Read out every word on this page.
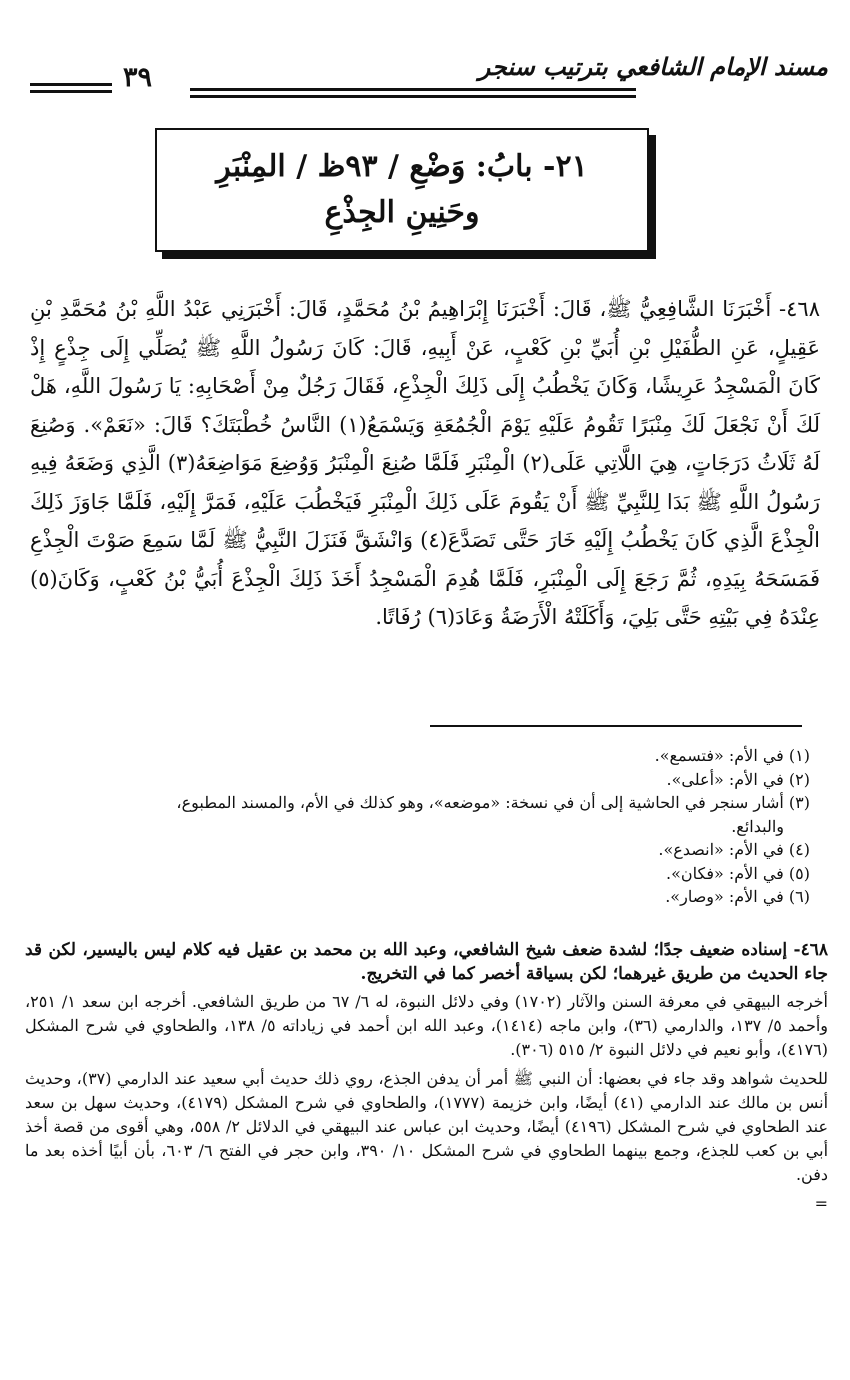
مسند الإمام الشافعي بترتيب سنجر
٣٩
٢١- بابُ: وَضْعِ / ٩٣ظ / المِنْبَرِ وحَنِينِ الجِذْعِ
٤٦٨- أَخْبَرَنَا الشَّافِعِيُّ ﷺ، قَالَ: أَخْبَرَنَا إِبْرَاهِيمُ بْنُ مُحَمَّدٍ، قَالَ: أَخْبَرَنِي عَبْدُ اللَّهِ بْنُ مُحَمَّدِ بْنِ عَقِيلٍ، عَنِ الطُّفَيْلِ بْنِ أُبَيِّ بْنِ كَعْبٍ، عَنْ أَبِيهِ، قَالَ: كَانَ رَسُولُ اللَّهِ ﷺ يُصَلِّي إِلَى جِذْعٍ إِذْ كَانَ الْمَسْجِدُ عَرِيشًا، وَكَانَ يَخْطُبُ إِلَى ذَلِكَ الْجِذْعِ، فَقَالَ رَجُلٌ مِنْ أَصْحَابِهِ: يَا رَسُولَ اللَّهِ، هَلْ لَكَ أَنْ نَجْعَلَ لَكَ مِنْبَرًا تَقُومُ عَلَيْهِ يَوْمَ الْجُمُعَةِ وَيَسْمَعُ(١) النَّاسُ خُطْبَتَكَ؟ قَالَ: «نَعَمْ». وَصُنِعَ لَهُ ثَلَاثُ دَرَجَاتٍ، هِيَ اللَّاتِي عَلَى(٢) الْمِنْبَرِ فَلَمَّا صُنِعَ الْمِنْبَرُ وَوُضِعَ مَوَاضِعَهُ(٣) الَّذِي وَضَعَهُ فِيهِ رَسُولُ اللَّهِ ﷺ بَدَا لِلنَّبِيِّ ﷺ أَنْ يَقُومَ عَلَى ذَلِكَ الْمِنْبَرِ فَيَخْطُبَ عَلَيْهِ، فَمَرَّ إِلَيْهِ، فَلَمَّا جَاوَزَ ذَلِكَ الْجِذْعَ الَّذِي كَانَ يَخْطُبُ إِلَيْهِ خَارَ حَتَّى تَصَدَّعَ(٤) وَانْشَقَّ فَنَزَلَ النَّبِيُّ ﷺ لَمَّا سَمِعَ صَوْتَ الْجِذْعِ فَمَسَحَهُ بِيَدِهِ، ثُمَّ رَجَعَ إِلَى الْمِنْبَرِ، فَلَمَّا هُدِمَ الْمَسْجِدُ أَخَذَ ذَلِكَ الْجِذْعَ أُبَيُّ بْنُ كَعْبٍ، وَكَانَ(٥) عِنْدَهُ فِي بَيْتِهِ حَتَّى بَلِيَ، وَأَكَلَتْهُ الْأَرَضَةُ وَعَادَ(٦) رُفَاتًا.

(١) في الأم: «فتسمع».

(٢) في الأم: «أعلى».

(٣) أشار سنجر في الحاشية إلى أن في نسخة: «موضعه»، وهو كذلك في الأم، والمسند المطبوع،

والبدائع.

(٤) في الأم: «انصدع».

(٥) في الأم: «فكان».

(٦) في الأم: «وصار».

٤٦٨- إسناده ضعيف جدًا؛ لشدة ضعف شيخ الشافعي، وعبد الله بن محمد بن عقيل فيه كلام ليس باليسير، لكن قد جاء الحديث من طريق غيرهما؛ لكن بسياقة أخصر كما في التخريج.

أخرجه البيهقي في معرفة السنن والآثار (١٧٠٢) وفي دلائل النبوة، له ٦/ ٦٧ من طريق الشافعي. أخرجه ابن سعد ١/ ٢٥١، وأحمد ٥/ ١٣٧، والدارمي (٣٦)، وابن ماجه (١٤١٤)، وعبد الله ابن أحمد في زياداته ٥/ ١٣٨، والطحاوي في شرح المشكل (٤١٧٦)، وأبو نعيم في دلائل النبوة ٢/ ٥١٥ (٣٠٦).

للحديث شواهد وقد جاء في بعضها: أن النبي ﷺ أمر أن يدفن الجذع، روي ذلك حديث أبي سعيد عند الدارمي (٣٧)، وحديث أنس بن مالك عند الدارمي (٤١) أيضًا، وابن خزيمة (١٧٧٧)، والطحاوي في شرح المشكل (٤١٧٩)، وحديث سهل بن سعد عند الطحاوي في شرح المشكل (٤١٩٦) أيضًا، وحديث ابن عباس عند البيهقي في الدلائل ٢/ ٥٥٨، وهي أقوى من قصة أخذ أبي بن كعب للجذع، وجمع بينهما الطحاوي في شرح المشكل ١٠/ ٣٩٠، وابن حجر في الفتح ٦/ ٦٠٣، بأن أبيًا أخذه بعد ما دفن.

=
